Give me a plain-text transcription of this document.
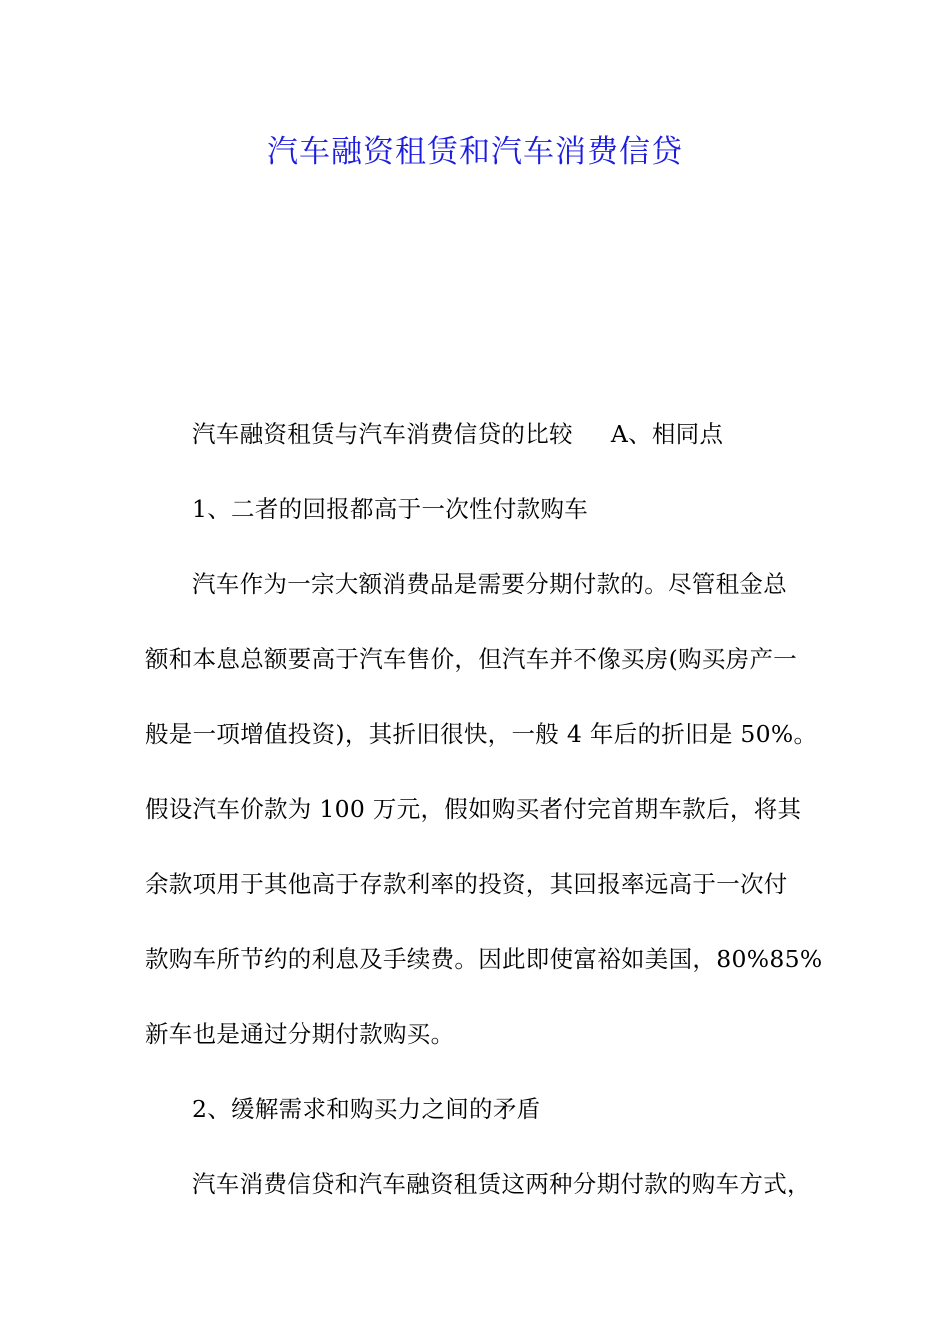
汽车融资租赁和汽车消费信贷
汽车融资租赁与汽车消费信贷的比较 A、相同点
1、二者的回报都高于一次性付款购车
汽车作为一宗大额消费品是需要分期付款的。尽管租金总
额和本息总额要高于汽车售价，但汽车并不像买房(购买房产一
般是一项增值投资)，其折旧很快，一般 4 年后的折旧是 50%。
假设汽车价款为 100 万元，假如购买者付完首期车款后，将其
余款项用于其他高于存款利率的投资，其回报率远高于一次付
款购车所节约的利息及手续费。因此即使富裕如美国，80%85%
新车也是通过分期付款购买。
2、缓解需求和购买力之间的矛盾
汽车消费信贷和汽车融资租赁这两种分期付款的购车方式，
